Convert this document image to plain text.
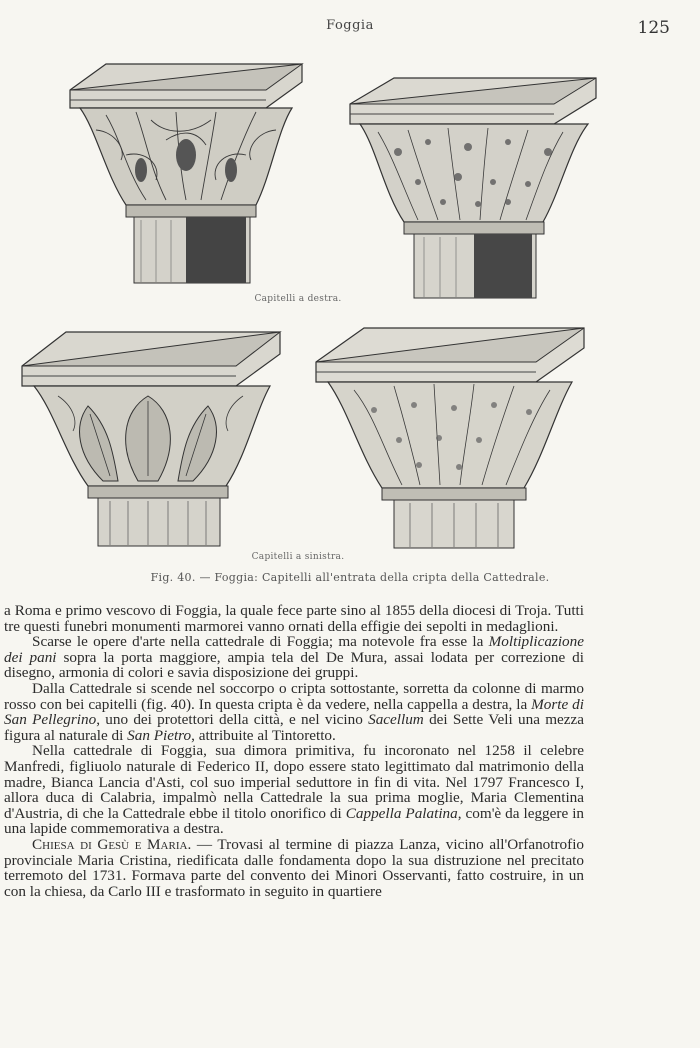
Foggia	125
Capitelli a destra.
Capitelli a sinistra.
Fig. 40. — Foggia: Capitelli all'entrata della cripta della Cattedrale.

a Roma e primo vescovo di Foggia, la quale fece parte sino al 1855 della diocesi di Troja. Tutti tre questi funebri monumenti marmorei vanno ornati della effigie dei sepolti in medaglioni.

Scarse le opere d'arte nella cattedrale di Foggia; ma notevole fra esse la Moltiplicazione dei pani sopra la porta maggiore, ampia tela del De Mura, assai lodata per correzione di disegno, armonia di colori e savia disposizione dei gruppi.

Dalla Cattedrale si scende nel soccorpo o cripta sottostante, sorretta da colonne di marmo rosso con bei capitelli (fig. 40). In questa cripta è da vedere, nella cappella a destra, la Morte di San Pellegrino, uno dei protettori della città, e nel vicino Sacellum dei Sette Veli una mezza figura al naturale di San Pietro, attribuite al Tintoretto.

Nella cattedrale di Foggia, sua dimora primitiva, fu incoronato nel 1258 il celebre Manfredi, figliuolo naturale di Federico II, dopo essere stato legittimato dal matrimonio della madre, Bianca Lancia d'Asti, col suo imperial seduttore in fin di vita. Nel 1797 Francesco I, allora duca di Calabria, impalmò nella Cattedrale la sua prima moglie, Maria Clementina d'Austria, di che la Cattedrale ebbe il titolo onorifico di Cappella Palatina, com'è da leggere in una lapide commemorativa a destra.

Chiesa di Gesù e Maria. — Trovasi al termine di piazza Lanza, vicino all'Orfanotrofio provinciale Maria Cristina, riedificata dalle fondamenta dopo la sua distruzione nel precitato terremoto del 1731. Formava parte del convento dei Minori Osservanti, fatto costruire, in un con la chiesa, da Carlo III e trasformato in seguito in quartiere
